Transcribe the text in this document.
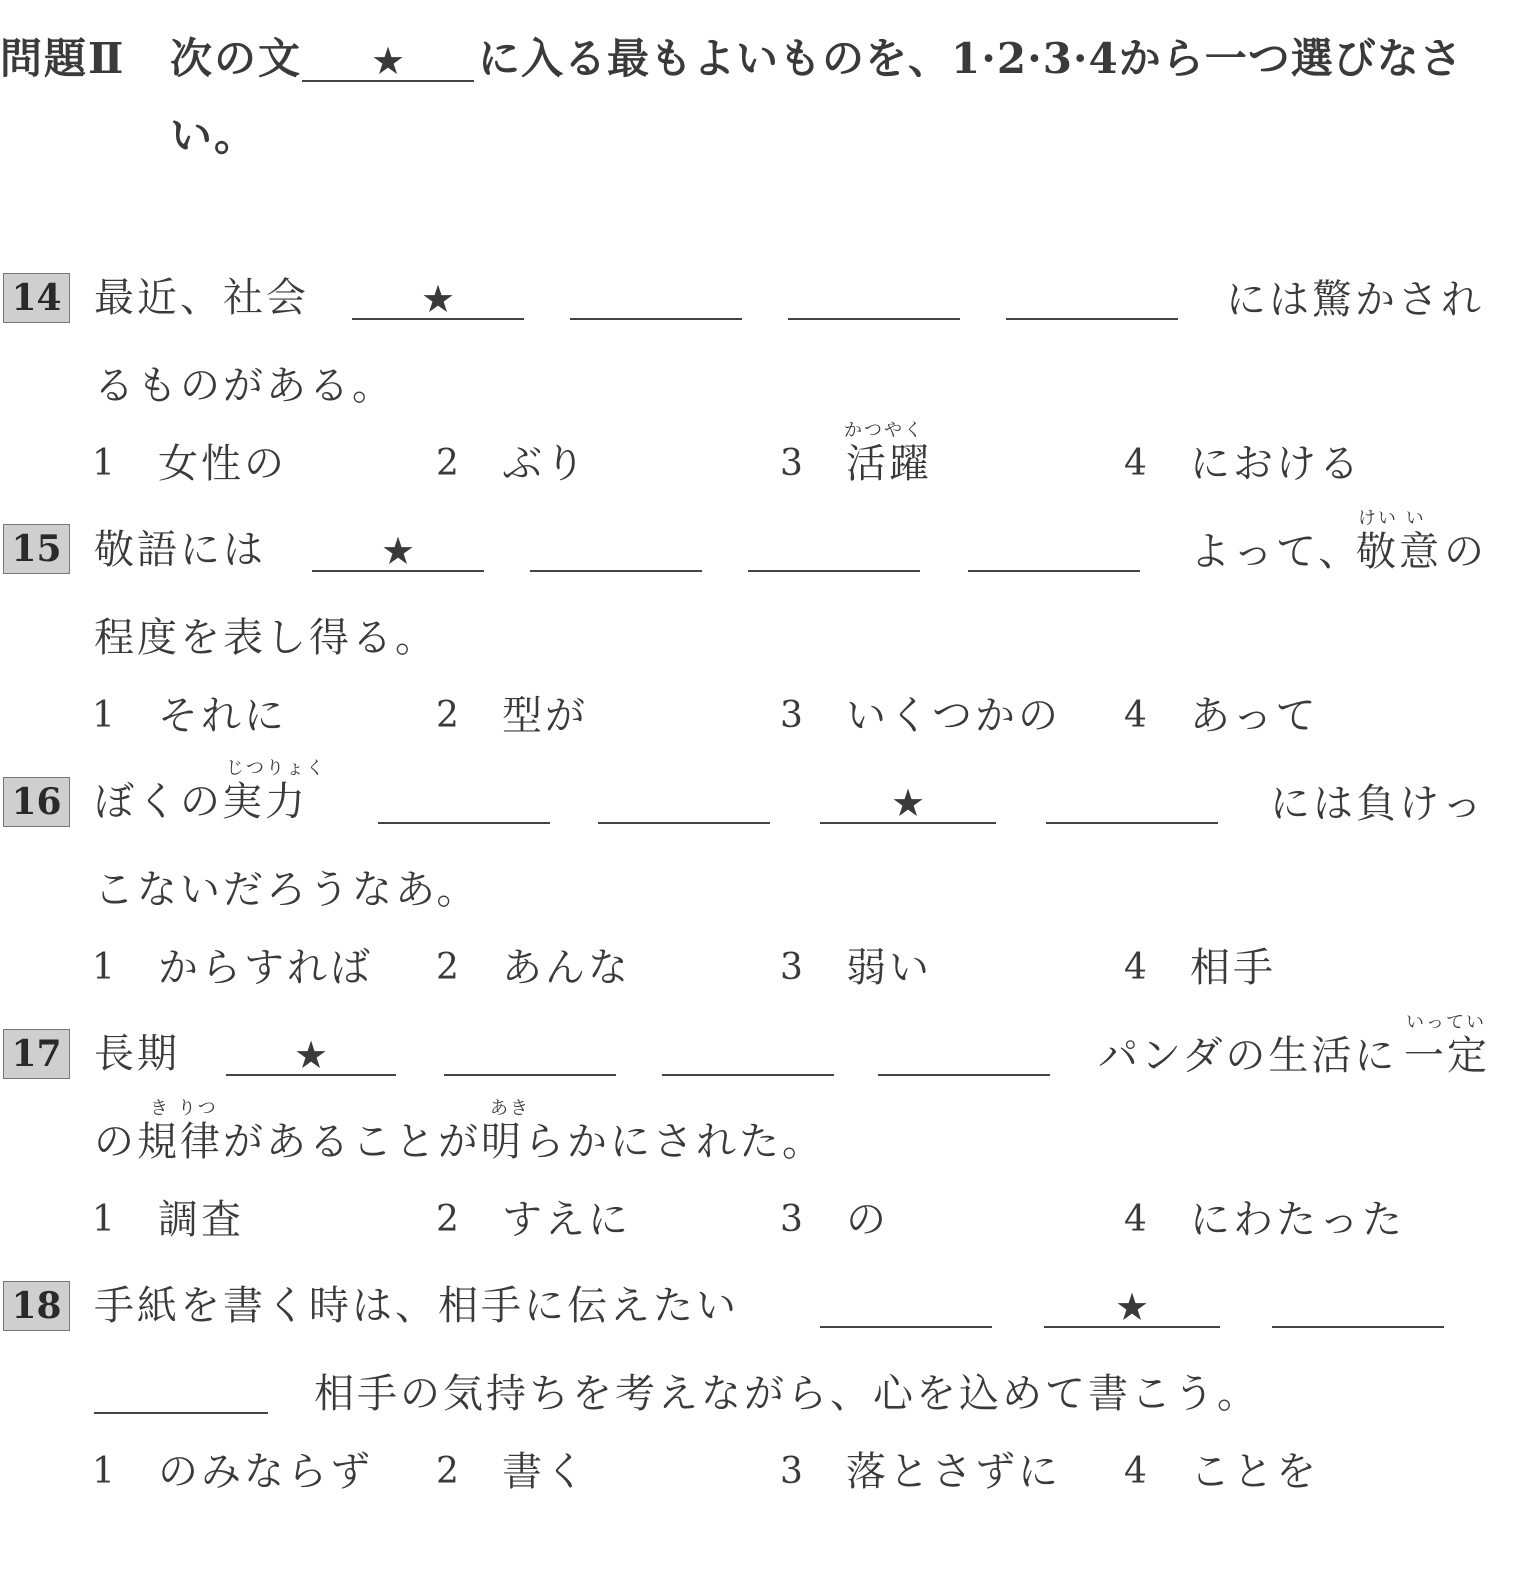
問題Ⅱ 次の文	★	に入る最もよいものを、1·2·3·4から一つ選びなさ
い。
14 最近、社会	★	には驚かされ
るものがある。
1 女性の	2 ぶり	3
かつやく
活躍	4 における
15 敬語には	★	よって、
けい い
敬意 の
程度を表し得る。
1 それに	2 型が	3 いくつかの 4 あって
16 ぼくの
じつりょく
実力	★	には負けっ
こないだろうなあ。
1 からすれば 2 あんな	3 弱い	4 相手
17 長期	★	パンダの生活に
いってい
一定
の
き りつ
規律 があることが
あき
明 らかにされた。
1 調査	2 すえに	3 の	4 にわたった
18 手紙を書く時は、相手に伝えたい	★
相手の気持ちを考えながら、心を込めて書こう。
1 のみならず 2 書く	3 落とさずに 4 ことを
